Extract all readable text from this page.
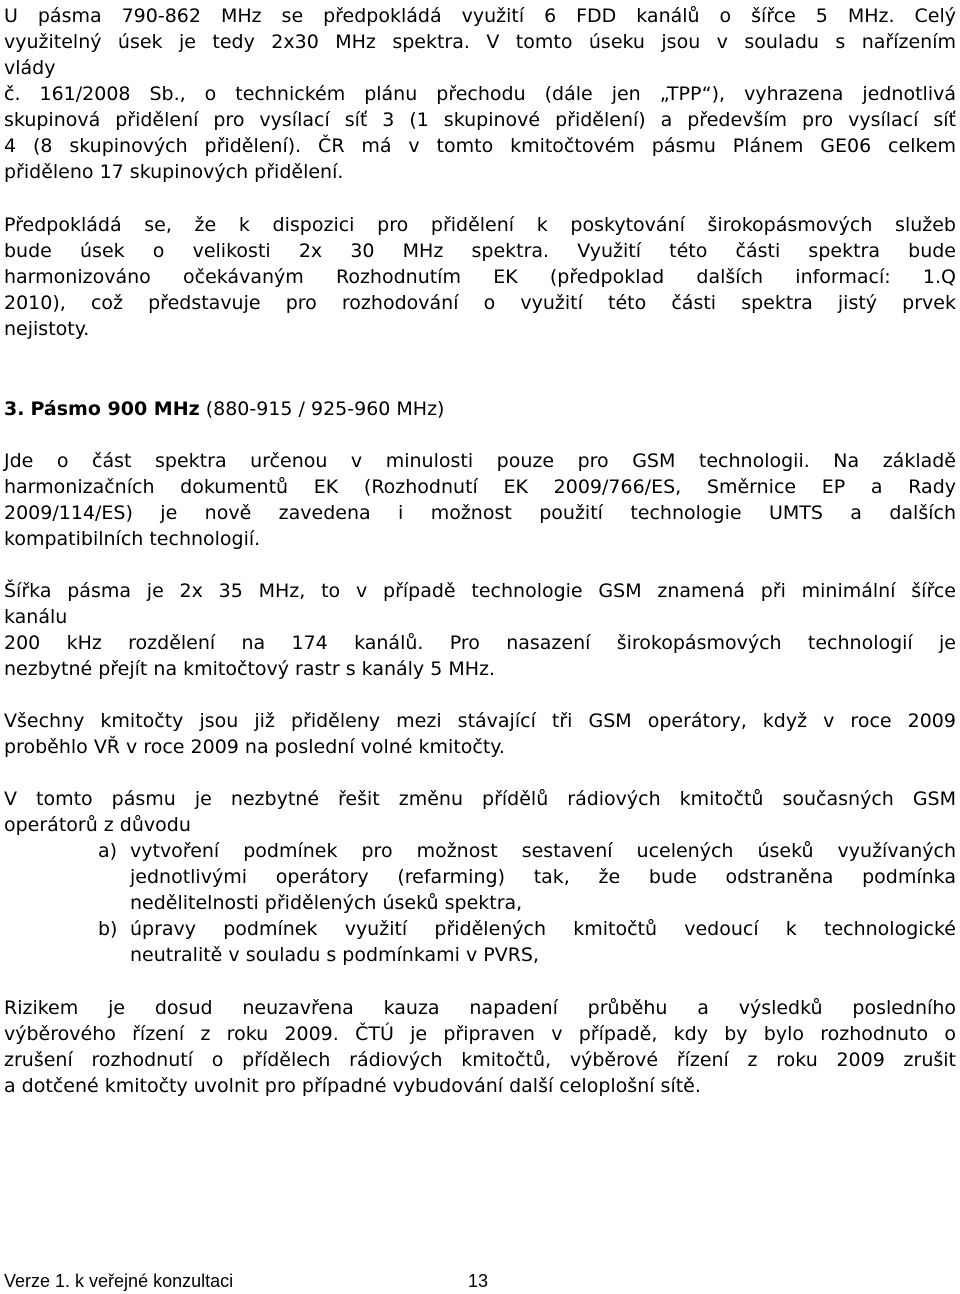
U pásma 790-862 MHz se předpokládá využití 6 FDD kanálů o šířce 5 MHz. Celý

využitelný úsek je tedy 2x30 MHz spektra. V tomto úseku jsou v souladu s nařízením

vlády

č. 161/2008 Sb., o technickém plánu přechodu (dále jen „TPP“), vyhrazena jednotlivá

skupinová přidělení pro vysílací síť 3 (1 skupinové přidělení) a především pro vysílací síť

4 (8 skupinových přidělení). ČR má v tomto kmitočtovém pásmu Plánem GE06 celkem

přiděleno 17 skupinových přidělení.

Předpokládá se, že k dispozici pro přidělení k poskytování širokopásmových služeb

bude úsek o velikosti 2x 30 MHz spektra. Využití této části spektra bude

harmonizováno očekávaným Rozhodnutím EK (předpoklad dalších informací: 1.Q

2010), což představuje pro rozhodování o využití této části spektra jistý prvek

nejistoty.

3. Pásmo 900 MHz (880-915 / 925-960 MHz)

Jde o část spektra určenou v minulosti pouze pro GSM technologii. Na základě

harmonizačních dokumentů EK (Rozhodnutí EK 2009/766/ES, Směrnice EP a Rady

2009/114/ES) je nově zavedena i možnost použití technologie UMTS a dalších

kompatibilních technologií.

Šířka pásma je 2x 35 MHz, to v případě technologie GSM znamená při minimální šířce

kanálu

200 kHz rozdělení na 174 kanálů. Pro nasazení širokopásmových technologií je

nezbytné přejít na kmitočtový rastr s kanály 5 MHz.

Všechny kmitočty jsou již přiděleny mezi stávající tři GSM operátory, když v roce 2009

proběhlo VŘ v roce 2009 na poslední volné kmitočty.

V tomto pásmu je nezbytné řešit změnu přídělů rádiových kmitočtů současných GSM

operátorů z důvodu

a) vytvoření podmínek pro možnost sestavení ucelených úseků využívaných

jednotlivými operátory (refarming) tak, že bude odstraněna podmínka

nedělitelnosti přidělených úseků spektra,

b) úpravy podmínek využití přidělených kmitočtů vedoucí k technologické

neutralitě v souladu s podmínkami v PVRS,

Rizikem je dosud neuzavřena kauza napadení průběhu a výsledků posledního

výběrového řízení z roku 2009. ČTÚ je připraven v případě, kdy by bylo rozhodnuto o

zrušení rozhodnutí o přídělech rádiových kmitočtů, výběrové řízení z roku 2009 zrušit

a dotčené kmitočty uvolnit pro případné vybudování další celoplošní sítě.

Verze 1. k veřejné konzultaci	13
